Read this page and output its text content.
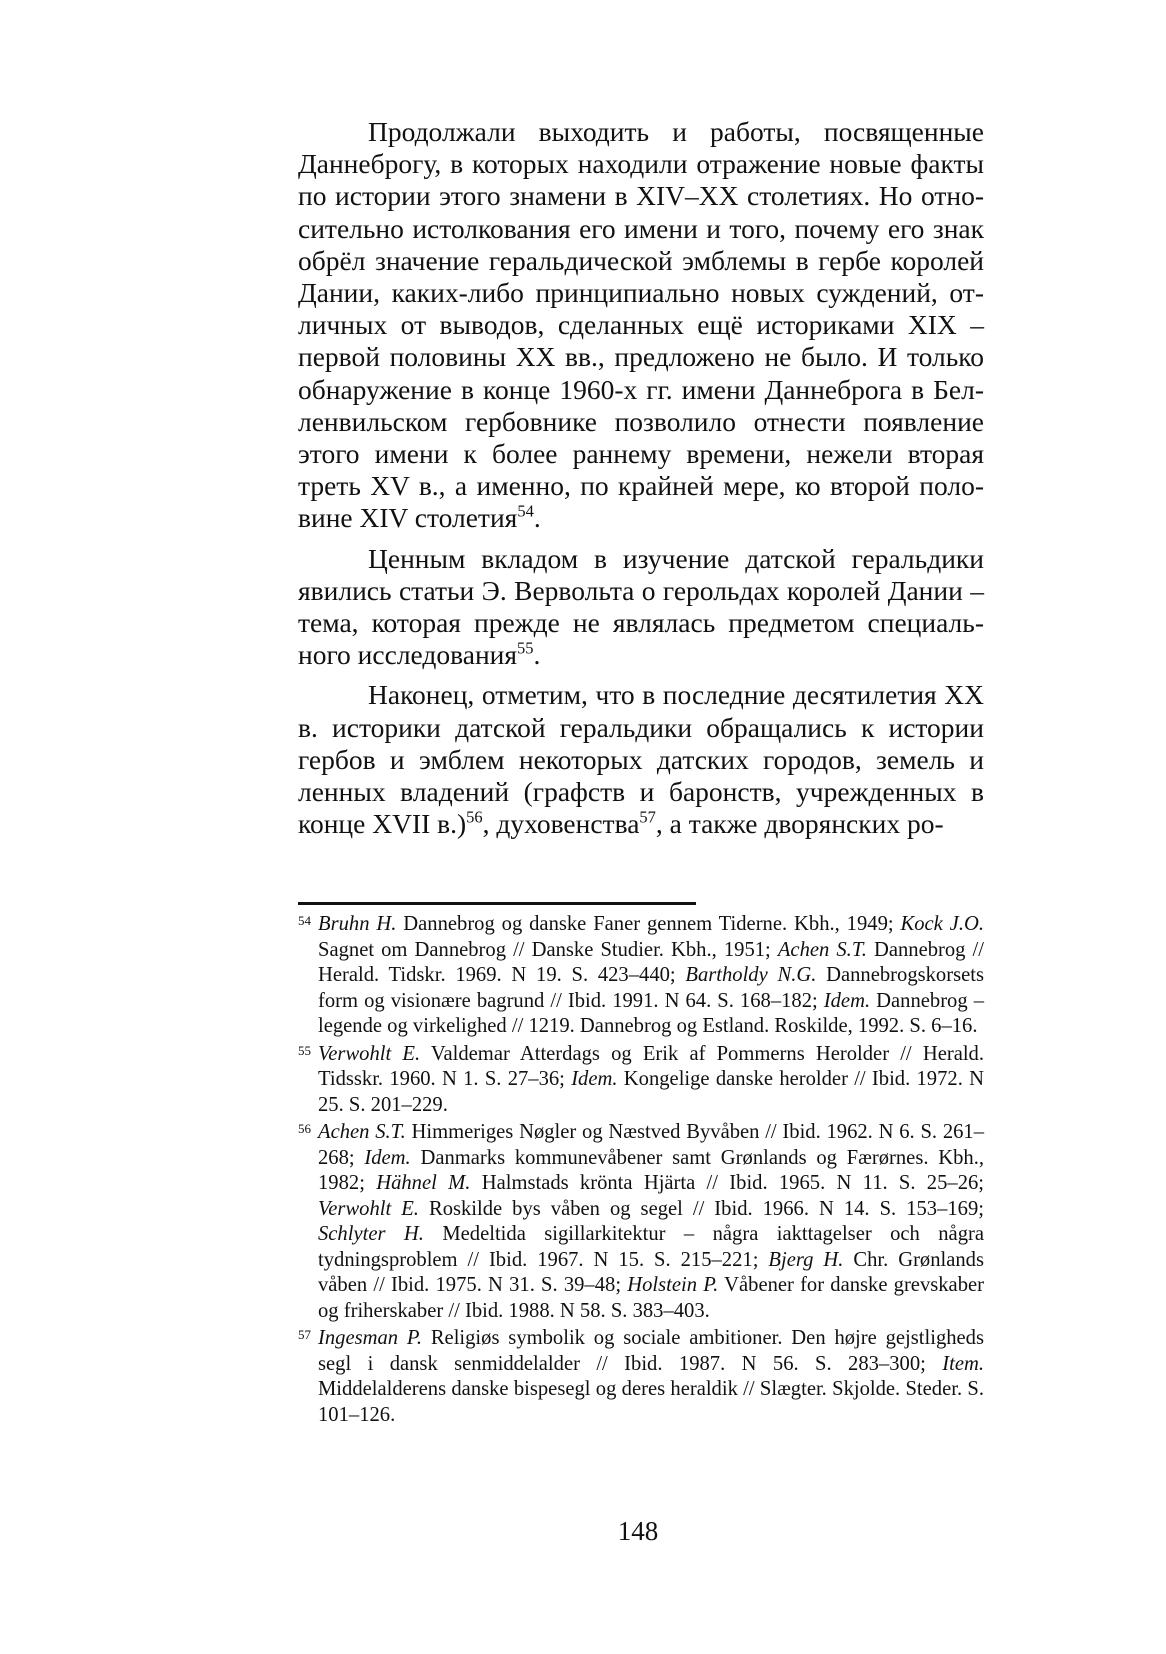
Продолжали выходить и работы, посвященные Даннеброгу, в которых находили отражение новые факты по истории этого знамени в XIV–XX столетиях. Но относительно истолкования его имени и того, почему его знак обрёл значение геральдической эмблемы в гербе королей Дании, каких-либо принципиально новых суждений, отличных от выводов, сделанных ещё историками XIX – первой половины XX вв., предложено не было. И только обнаружение в конце 1960-х гг. имени Даннеброга в Белленвильском гербовнике позволило отнести появление этого имени к более раннему времени, нежели вторая треть XV в., а именно, по крайней мере, ко второй половине XIV столетия$^{54}$.

Ценным вкладом в изучение датской геральдики явились статьи Э. Вервольта о герольдах королей Дании – тема, которая прежде не являлась предметом специального исследования$^{55}$.

Наконец, отметим, что в последние десятилетия XX в. историки датской геральдики обращались к истории гербов и эмблем некоторых датских городов, земель и ленных владений (графств и баронств, учрежденных в конце XVII в.)$^{56}$, духовенства$^{57}$, а также дворянских ро-

54 Bruhn H. Dannebrog og danske Faner gennem Tiderne. Kbh., 1949; Kock J.O. Sagnet om Dannebrog // Danske Studier. Kbh., 1951; Achen S.T. Dannebrog // Herald. Tidskr. 1969. N 19. S. 423–440; Bartholdy N.G. Dannebrogskorsets form og visionære bagrund // Ibid. 1991. N 64. S. 168–182; Idem. Dannebrog – legende og virkelighed // 1219. Dannebrog og Estland. Roskilde, 1992. S. 6–16.
55 Verwohlt E. Valdemar Atterdags og Erik af Pommerns Herolder // Herald. Tidsskr. 1960. N 1. S. 27–36; Idem. Kongelige danske herolder // Ibid. 1972. N 25. S. 201–229.
56 Achen S.T. Himmeriges Nøgler og Næstved Byvåben // Ibid. 1962. N 6. S. 261–268; Idem. Danmarks kommunevåbener samt Grønlands og Færørnes. Kbh., 1982; Hähnel M. Halmstads krönta Hjärta // Ibid. 1965. N 11. S. 25–26; Verwohlt E. Roskilde bys våben og segel // Ibid. 1966. N 14. S. 153–169; Schlyter H. Medeltida sigillarkitektur – några iakttagelser och några tydningsproblem // Ibid. 1967. N 15. S. 215–221; Bjerg H. Chr. Grønlands våben // Ibid. 1975. N 31. S. 39–48; Holstein P. Våbener for danske grevskaber og friherskaber // Ibid. 1988. N 58. S. 383–403.
57 Ingesman P. Religiøs symbolik og sociale ambitioner. Den højre gejstligheds segl i dansk senmiddelalder // Ibid. 1987. N 56. S. 283–300; Item. Middelalderens danske bispesegl og deres heraldik // Slægter. Skjolde. Steder. S. 101–126.
148
